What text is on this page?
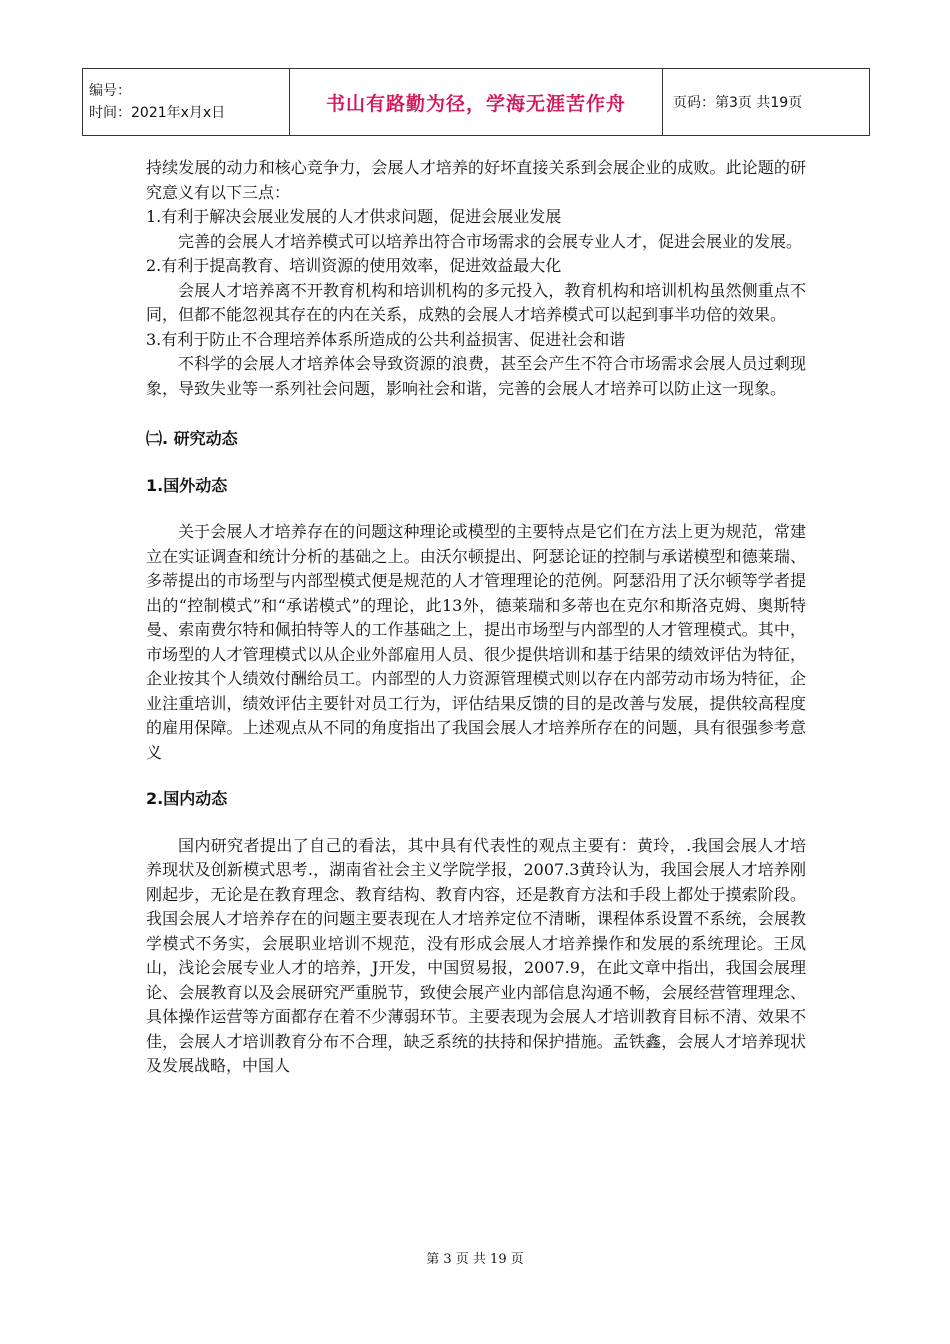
编号：
时间：2021年x月x日	书山有路勤为径，学海无涯苦作舟	页码：第3页 共19页

持续发展的动力和核心竞争力，会展人才培养的好坏直接关系到会展企业的成败。此论题的研究意义有以下三点：

1.有利于解决会展业发展的人才供求问题，促进会展业发展

完善的会展人才培养模式可以培养出符合市场需求的会展专业人才，促进会展业的发展。

2.有利于提高教育、培训资源的使用效率，促进效益最大化

会展人才培养离不开教育机构和培训机构的多元投入，教育机构和培训机构虽然侧重点不同，但都不能忽视其存在的内在关系，成熟的会展人才培养模式可以起到事半功倍的效果。

3.有利于防止不合理培养体系所造成的公共利益损害、促进社会和谐

不科学的会展人才培养体会导致资源的浪费，甚至会产生不符合市场需求会展人员过剩现象，导致失业等一系列社会问题，影响社会和谐，完善的会展人才培养可以防止这一现象。

㈡. 研究动态

1.国外动态

关于会展人才培养存在的问题这种理论或模型的主要特点是它们在方法上更为规范，常建立在实证调查和统计分析的基础之上。由沃尔顿提出、阿瑟论证的控制与承诺模型和德莱瑞、多蒂提出的市场型与内部型模式便是规范的人才管理理论的范例。阿瑟沿用了沃尔顿等学者提出的“控制模式”和“承诺模式”的理论，此13外，德莱瑞和多蒂也在克尔和斯洛克姆、奥斯特曼、索南费尔特和佩拍特等人的工作基础之上，提出市场型与内部型的人才管理模式。其中，市场型的人才管理模式以从企业外部雇用人员、很少提供培训和基于结果的绩效评估为特征，企业按其个人绩效付酬给员工。内部型的人力资源管理模式则以存在内部劳动市场为特征，企业注重培训，绩效评估主要针对员工行为，评估结果反馈的目的是改善与发展，提供较高程度的雇用保障。上述观点从不同的角度指出了我国会展人才培养所存在的问题，具有很强参考意义

2.国内动态

国内研究者提出了自己的看法，其中具有代表性的观点主要有：黄玲，.我国会展人才培养现状及创新模式思考.，湖南省社会主义学院学报，2007.3黄玲认为，我国会展人才培养刚刚起步，无论是在教育理念、教育结构、教育内容，还是教育方法和手段上都处于摸索阶段。我国会展人才培养存在的问题主要表现在人才培养定位不清晰，课程体系设置不系统，会展教学模式不务实，会展职业培训不规范，没有形成会展人才培养操作和发展的系统理论。王凤山，浅论会展专业人才的培养，J开发，中国贸易报，2007.9，在此文章中指出，我国会展理论、会展教育以及会展研究严重脱节，致使会展产业内部信息沟通不畅，会展经营管理理念、具体操作运营等方面都存在着不少薄弱环节。主要表现为会展人才培训教育目标不清、效果不佳，会展人才培训教育分布不合理，缺乏系统的扶持和保护措施。孟铁鑫，会展人才培养现状及发展战略，中国人

第 3 页 共 19 页
